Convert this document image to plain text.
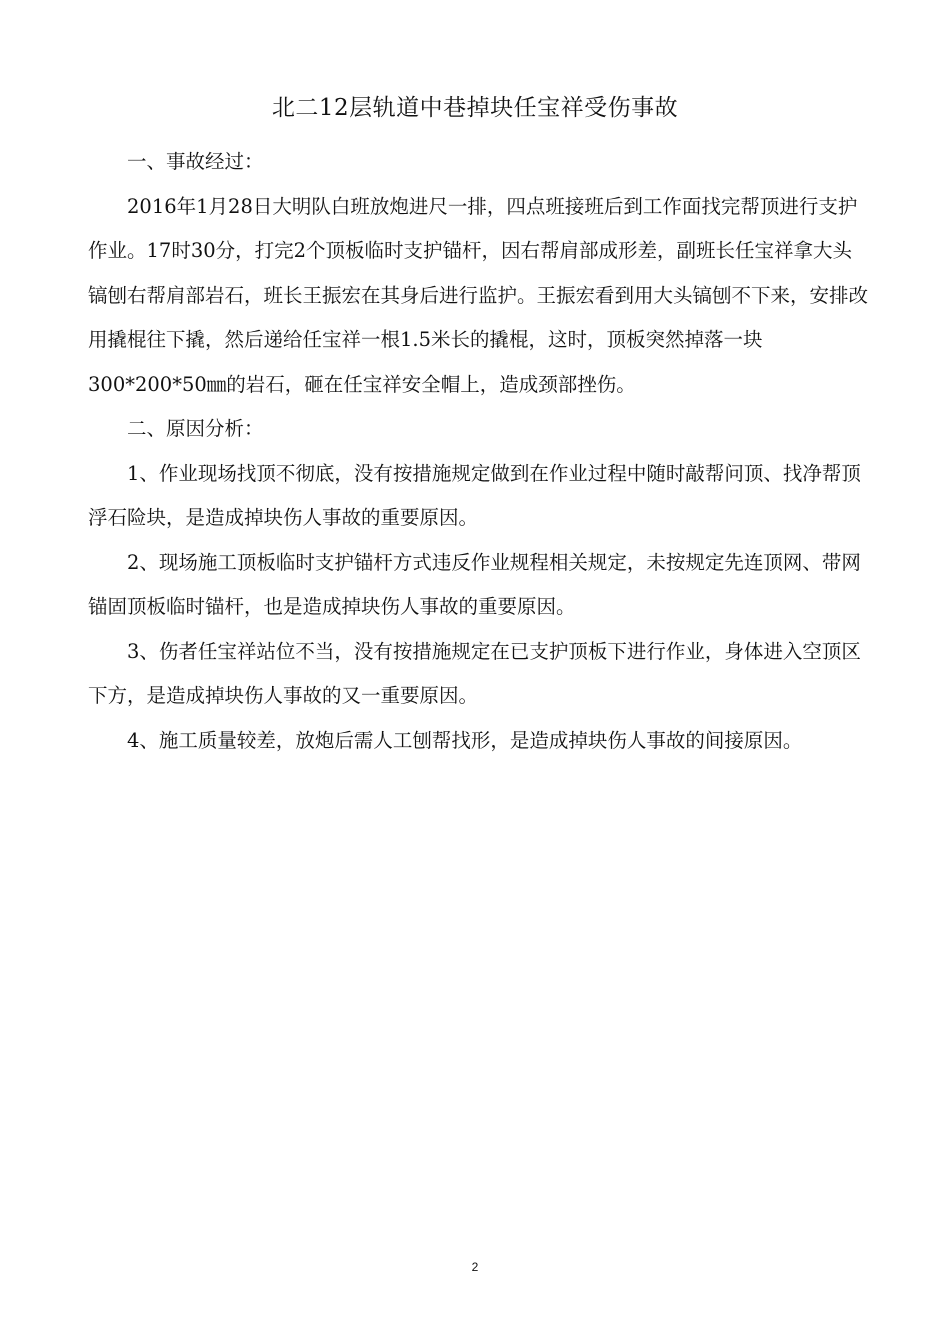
北二12层轨道中巷掉块任宝祥受伤事故

一、事故经过：

2016年1月28日大明队白班放炮进尺一排，四点班接班后到工作面找完帮顶进行支护作业。17时30分，打完2个顶板临时支护锚杆，因右帮肩部成形差，副班长任宝祥拿大头镐刨右帮肩部岩石，班长王振宏在其身后进行监护。王振宏看到用大头镐刨不下来，安排改用撬棍往下撬，然后递给任宝祥一根1.5米长的撬棍，这时，顶板突然掉落一块300*200*50㎜的岩石，砸在任宝祥安全帽上，造成颈部挫伤。

二、原因分析：

1、作业现场找顶不彻底，没有按措施规定做到在作业过程中随时敲帮问顶、找净帮顶浮石险块，是造成掉块伤人事故的重要原因。

2、现场施工顶板临时支护锚杆方式违反作业规程相关规定，未按规定先连顶网、带网锚固顶板临时锚杆，也是造成掉块伤人事故的重要原因。

3、伤者任宝祥站位不当，没有按措施规定在已支护顶板下进行作业，身体进入空顶区下方，是造成掉块伤人事故的又一重要原因。

4、施工质量较差，放炮后需人工刨帮找形，是造成掉块伤人事故的间接原因。

2
